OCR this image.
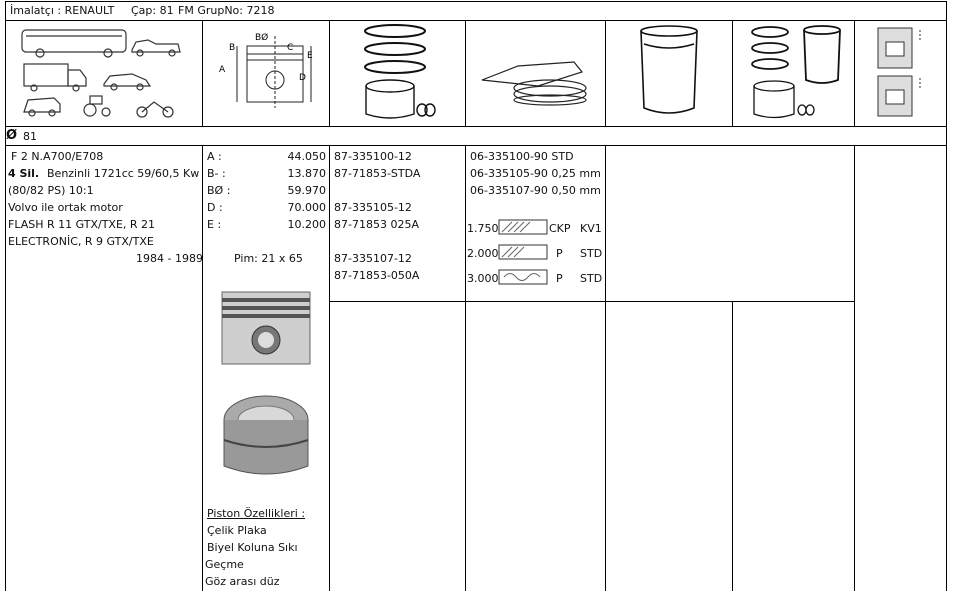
İmalatçı : RENAULT Çap: 81 FM GrupNo: 7218
BØ
A
B	C
D
E
Ø 81
F 2 N.A700/E708
4 Sil. Benzinli 1721cc 59/60,5 Kw
(80/82 PS) 10:1
Volvo ile ortak motor
FLASH R 11 GTX/TXE, R 21
ELECTRONİC, R 9 GTX/TXE
1984 - 1989
A :	44.050
B- :	13.870
BØ :	59.970
D :	70.000
E :	10.200
Pim: 21 x 65
Piston Özellikleri :
Çelik Plaka
Biyel Koluna Sıkı
Geçme
Göz arası düz
87-335100-12
87-71853-STDA
87-335105-12
87-71853 025A
87-335107-12
87-71853-050A
06-335100-90 STD
06-335105-90 0,25 mm
06-335107-90 0,50 mm
1.750	CKP KV1
2.000	P STD
3.000	P STD
